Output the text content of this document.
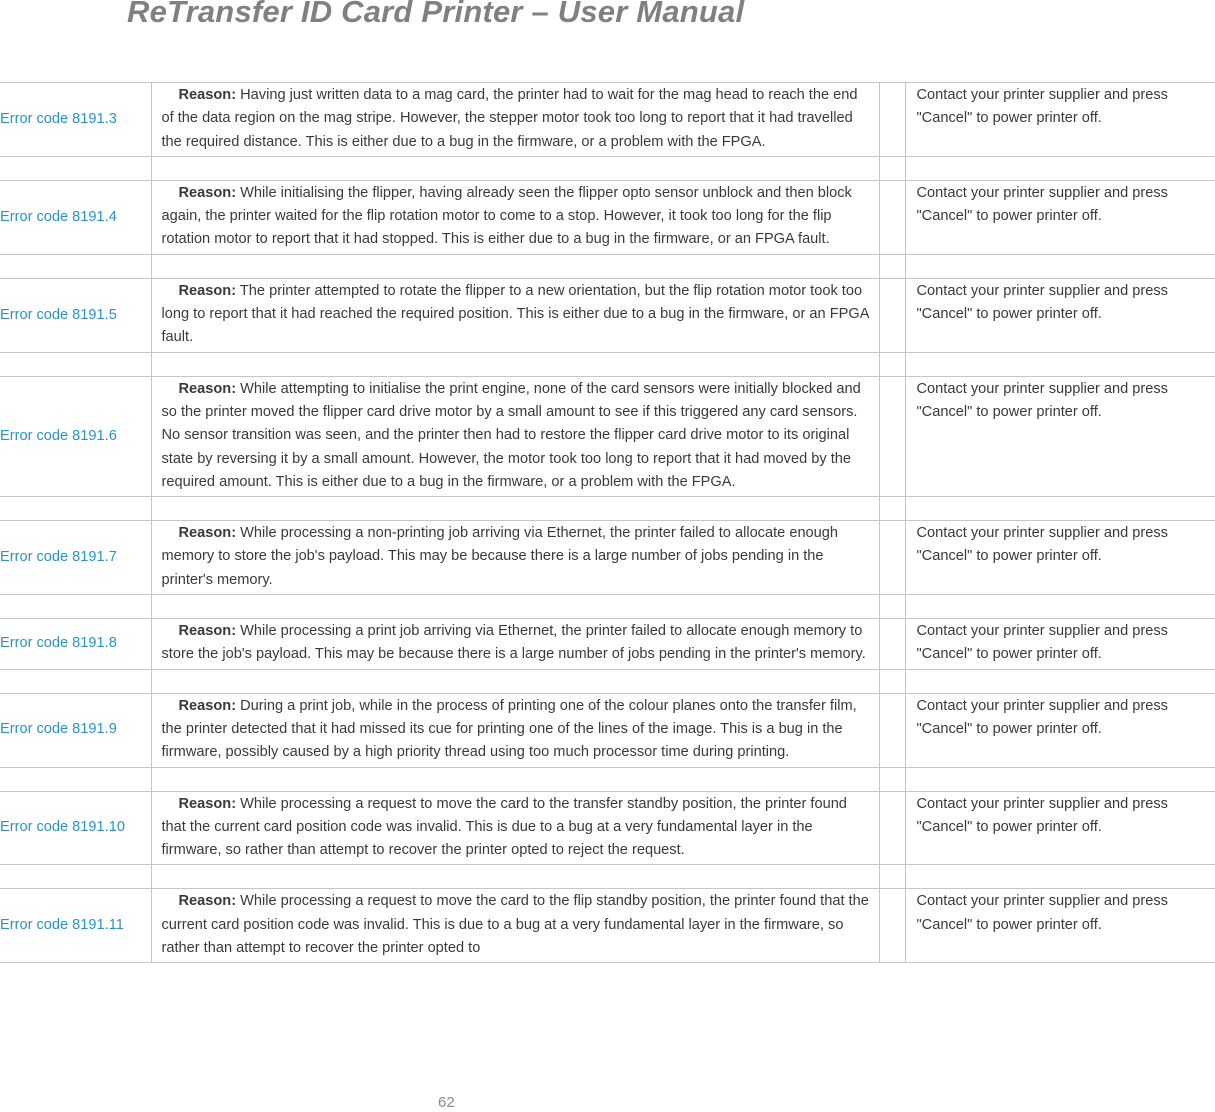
ReTransfer ID Card Printer – User Manual
Error code 8191.3	Reason: Having just written data to a mag card, the printer had to wait for the mag head to reach the end of the data region on the mag stripe. However, the stepper motor took too long to report that it had travelled the required distance. This is either due to a bug in the firmware, or a problem with the FPGA.		Contact your printer supplier and press
"Cancel" to power printer off.

Error code 8191.4	Reason: While initialising the flipper, having already seen the flipper opto sensor unblock and then block again, the printer waited for the flip rotation motor to come to a stop. However, it took too long for the flip rotation motor to report that it had stopped. This is either due to a bug in the firmware, or an FPGA fault.		Contact your printer supplier and press
"Cancel" to power printer off.

Error code 8191.5	Reason: The printer attempted to rotate the flipper to a new orientation, but the flip rotation motor took too long to report that it had reached the required position. This is either due to a bug in the firmware, or an FPGA fault.		Contact your printer supplier and press
"Cancel" to power printer off.

Error code 8191.6	Reason: While attempting to initialise the print engine, none of the card sensors were initially blocked and so the printer moved the flipper card drive motor by a small amount to see if this triggered any card sensors. No sensor transition was seen, and the printer then had to restore the flipper card drive motor to its original state by reversing it by a small amount. However, the motor took too long to report that it had moved by the required amount. This is either due to a bug in the firmware, or a problem with the FPGA.		Contact your printer supplier and press
"Cancel" to power printer off.

Error code 8191.7	Reason: While processing a non-printing job arriving via Ethernet, the printer failed to allocate enough memory to store the job's payload. This may be because there is a large number of jobs pending in the printer's memory.		Contact your printer supplier and press
"Cancel" to power printer off.

Error code 8191.8	Reason: While processing a print job arriving via Ethernet, the printer failed to allocate enough memory to store the job's payload. This may be because there is a large number of jobs pending in the printer's memory.		Contact your printer supplier and press
"Cancel" to power printer off.

Error code 8191.9	Reason: During a print job, while in the process of printing one of the colour planes onto the transfer film, the printer detected that it had missed its cue for printing one of the lines of the image. This is a bug in the firmware, possibly caused by a high priority thread using too much processor time during printing.		Contact your printer supplier and press
"Cancel" to power printer off.

Error code 8191.10	Reason: While processing a request to move the card to the transfer standby position, the printer found that the current card position code was invalid. This is due to a bug at a very fundamental layer in the firmware, so rather than attempt to recover the printer opted to reject the request.		Contact your printer supplier and press
"Cancel" to power printer off.

Error code 8191.11	Reason: While processing a request to move the card to the flip standby position, the printer found that the current card position code was invalid. This is due to a bug at a very fundamental layer in the firmware, so rather than attempt to recover the printer opted to		Contact your printer supplier and press
"Cancel" to power printer off.
62
